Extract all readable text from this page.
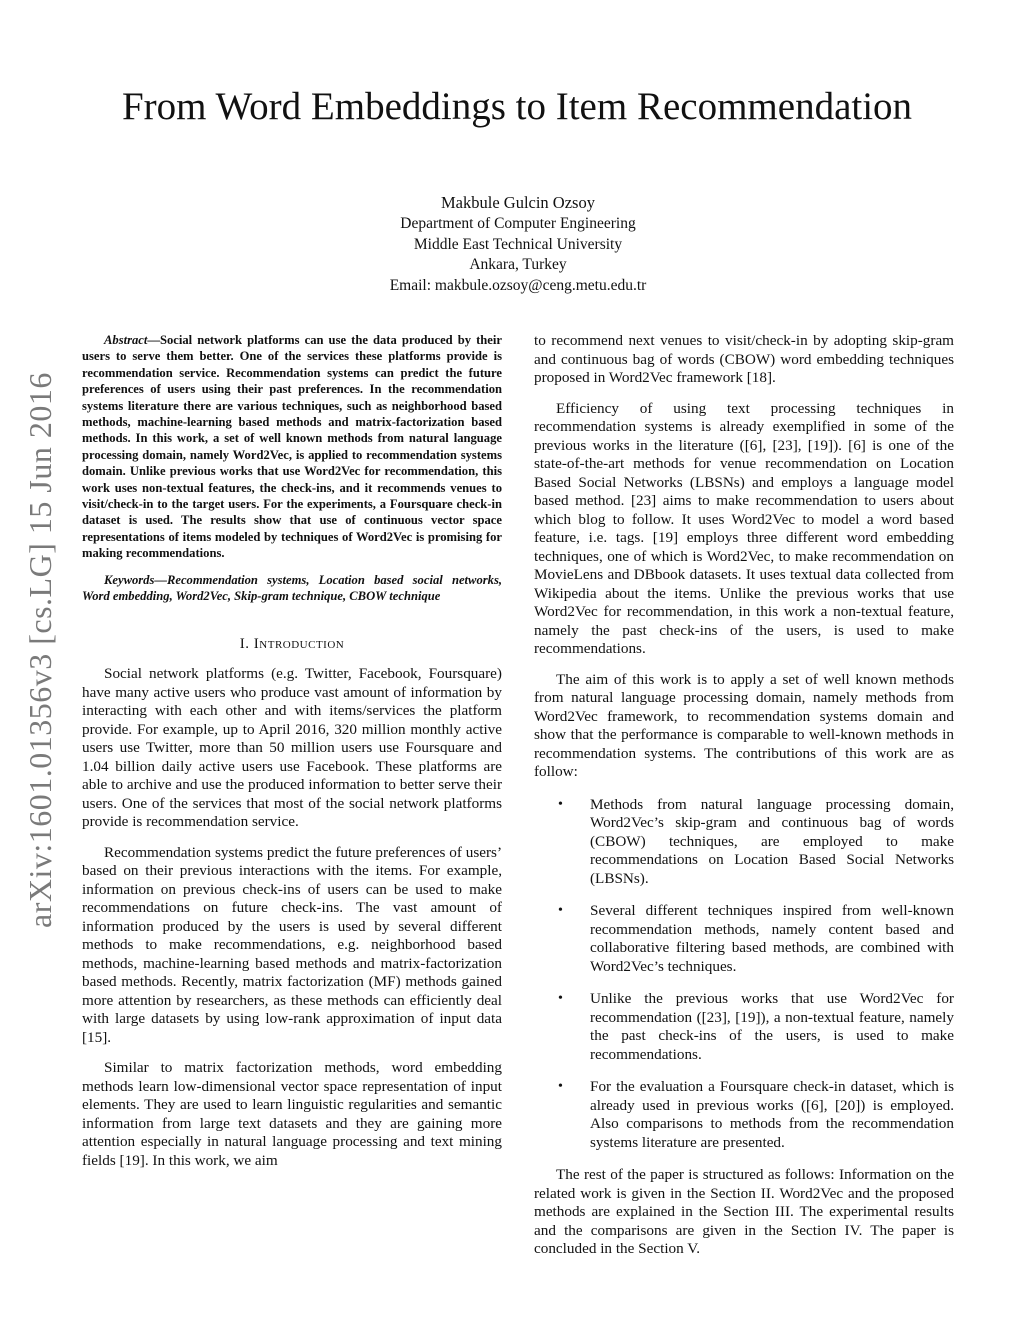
arXiv:1601.01356v3 [cs.LG] 15 Jun 2016
From Word Embeddings to Item Recommendation
Makbule Gulcin Ozsoy
Department of Computer Engineering
Middle East Technical University
Ankara, Turkey
Email: makbule.ozsoy@ceng.metu.edu.tr

Abstract—Social network platforms can use the data produced by their users to serve them better. One of the services these platforms provide is recommendation service. Recommendation systems can predict the future preferences of users using their past preferences. In the recommendation systems literature there are various techniques, such as neighborhood based methods, machine-learning based methods and matrix-factorization based methods. In this work, a set of well known methods from natural language processing domain, namely Word2Vec, is applied to recommendation systems domain. Unlike previous works that use Word2Vec for recommendation, this work uses non-textual features, the check-ins, and it recommends venues to visit/check-in to the target users. For the experiments, a Foursquare check-in dataset is used. The results show that use of continuous vector space representations of items modeled by techniques of Word2Vec is promising for making recommendations.

Keywords—Recommendation systems, Location based social networks, Word embedding, Word2Vec, Skip-gram technique, CBOW technique

I. Introduction

Social network platforms (e.g. Twitter, Facebook, Foursquare) have many active users who produce vast amount of information by interacting with each other and with items/services the platform provide. For example, up to April 2016, 320 million monthly active users use Twitter, more than 50 million users use Foursquare and 1.04 billion daily active users use Facebook. These platforms are able to archive and use the produced information to better serve their users. One of the services that most of the social network platforms provide is recommendation service.

Recommendation systems predict the future preferences of users’ based on their previous interactions with the items. For example, information on previous check-ins of users can be used to make recommendations on future check-ins. The vast amount of information produced by the users is used by several different methods to make recommendations, e.g. neighborhood based methods, machine-learning based methods and matrix-factorization based methods. Recently, matrix factorization (MF) methods gained more attention by researchers, as these methods can efficiently deal with large datasets by using low-rank approximation of input data [15].

Similar to matrix factorization methods, word embedding methods learn low-dimensional vector space representation of input elements. They are used to learn linguistic regularities and semantic information from large text datasets and they are gaining more attention especially in natural language processing and text mining fields [19]. In this work, we aim

to recommend next venues to visit/check-in by adopting skip-gram and continuous bag of words (CBOW) word embedding techniques proposed in Word2Vec framework [18].

Efficiency of using text processing techniques in recommendation systems is already exemplified in some of the previous works in the literature ([6], [23], [19]). [6] is one of the state-of-the-art methods for venue recommendation on Location Based Social Networks (LBSNs) and employs a language model based method. [23] aims to make recommendation to users about which blog to follow. It uses Word2Vec to model a word based feature, i.e. tags. [19] employs three different word embedding techniques, one of which is Word2Vec, to make recommendation on MovieLens and DBbook datasets. It uses textual data collected from Wikipedia about the items. Unlike the previous works that use Word2Vec for recommendation, in this work a non-textual feature, namely the past check-ins of the users, is used to make recommendations.

The aim of this work is to apply a set of well known methods from natural language processing domain, namely methods from Word2Vec framework, to recommendation systems domain and show that the performance is comparable to well-known methods in recommendation systems. The contributions of this work are as follow:

• Methods from natural language processing domain, Word2Vec’s skip-gram and continuous bag of words (CBOW) techniques, are employed to make recommendations on Location Based Social Networks (LBSNs).
• Several different techniques inspired from well-known recommendation methods, namely content based and collaborative filtering based methods, are combined with Word2Vec’s techniques.
• Unlike the previous works that use Word2Vec for recommendation ([23], [19]), a non-textual feature, namely the past check-ins of the users, is used to make recommendations.
• For the evaluation a Foursquare check-in dataset, which is already used in previous works ([6], [20]) is employed. Also comparisons to methods from the recommendation systems literature are presented.

The rest of the paper is structured as follows: Information on the related work is given in the Section II. Word2Vec and the proposed methods are explained in the Section III. The experimental results and the comparisons are given in the Section IV. The paper is concluded in the Section V.
